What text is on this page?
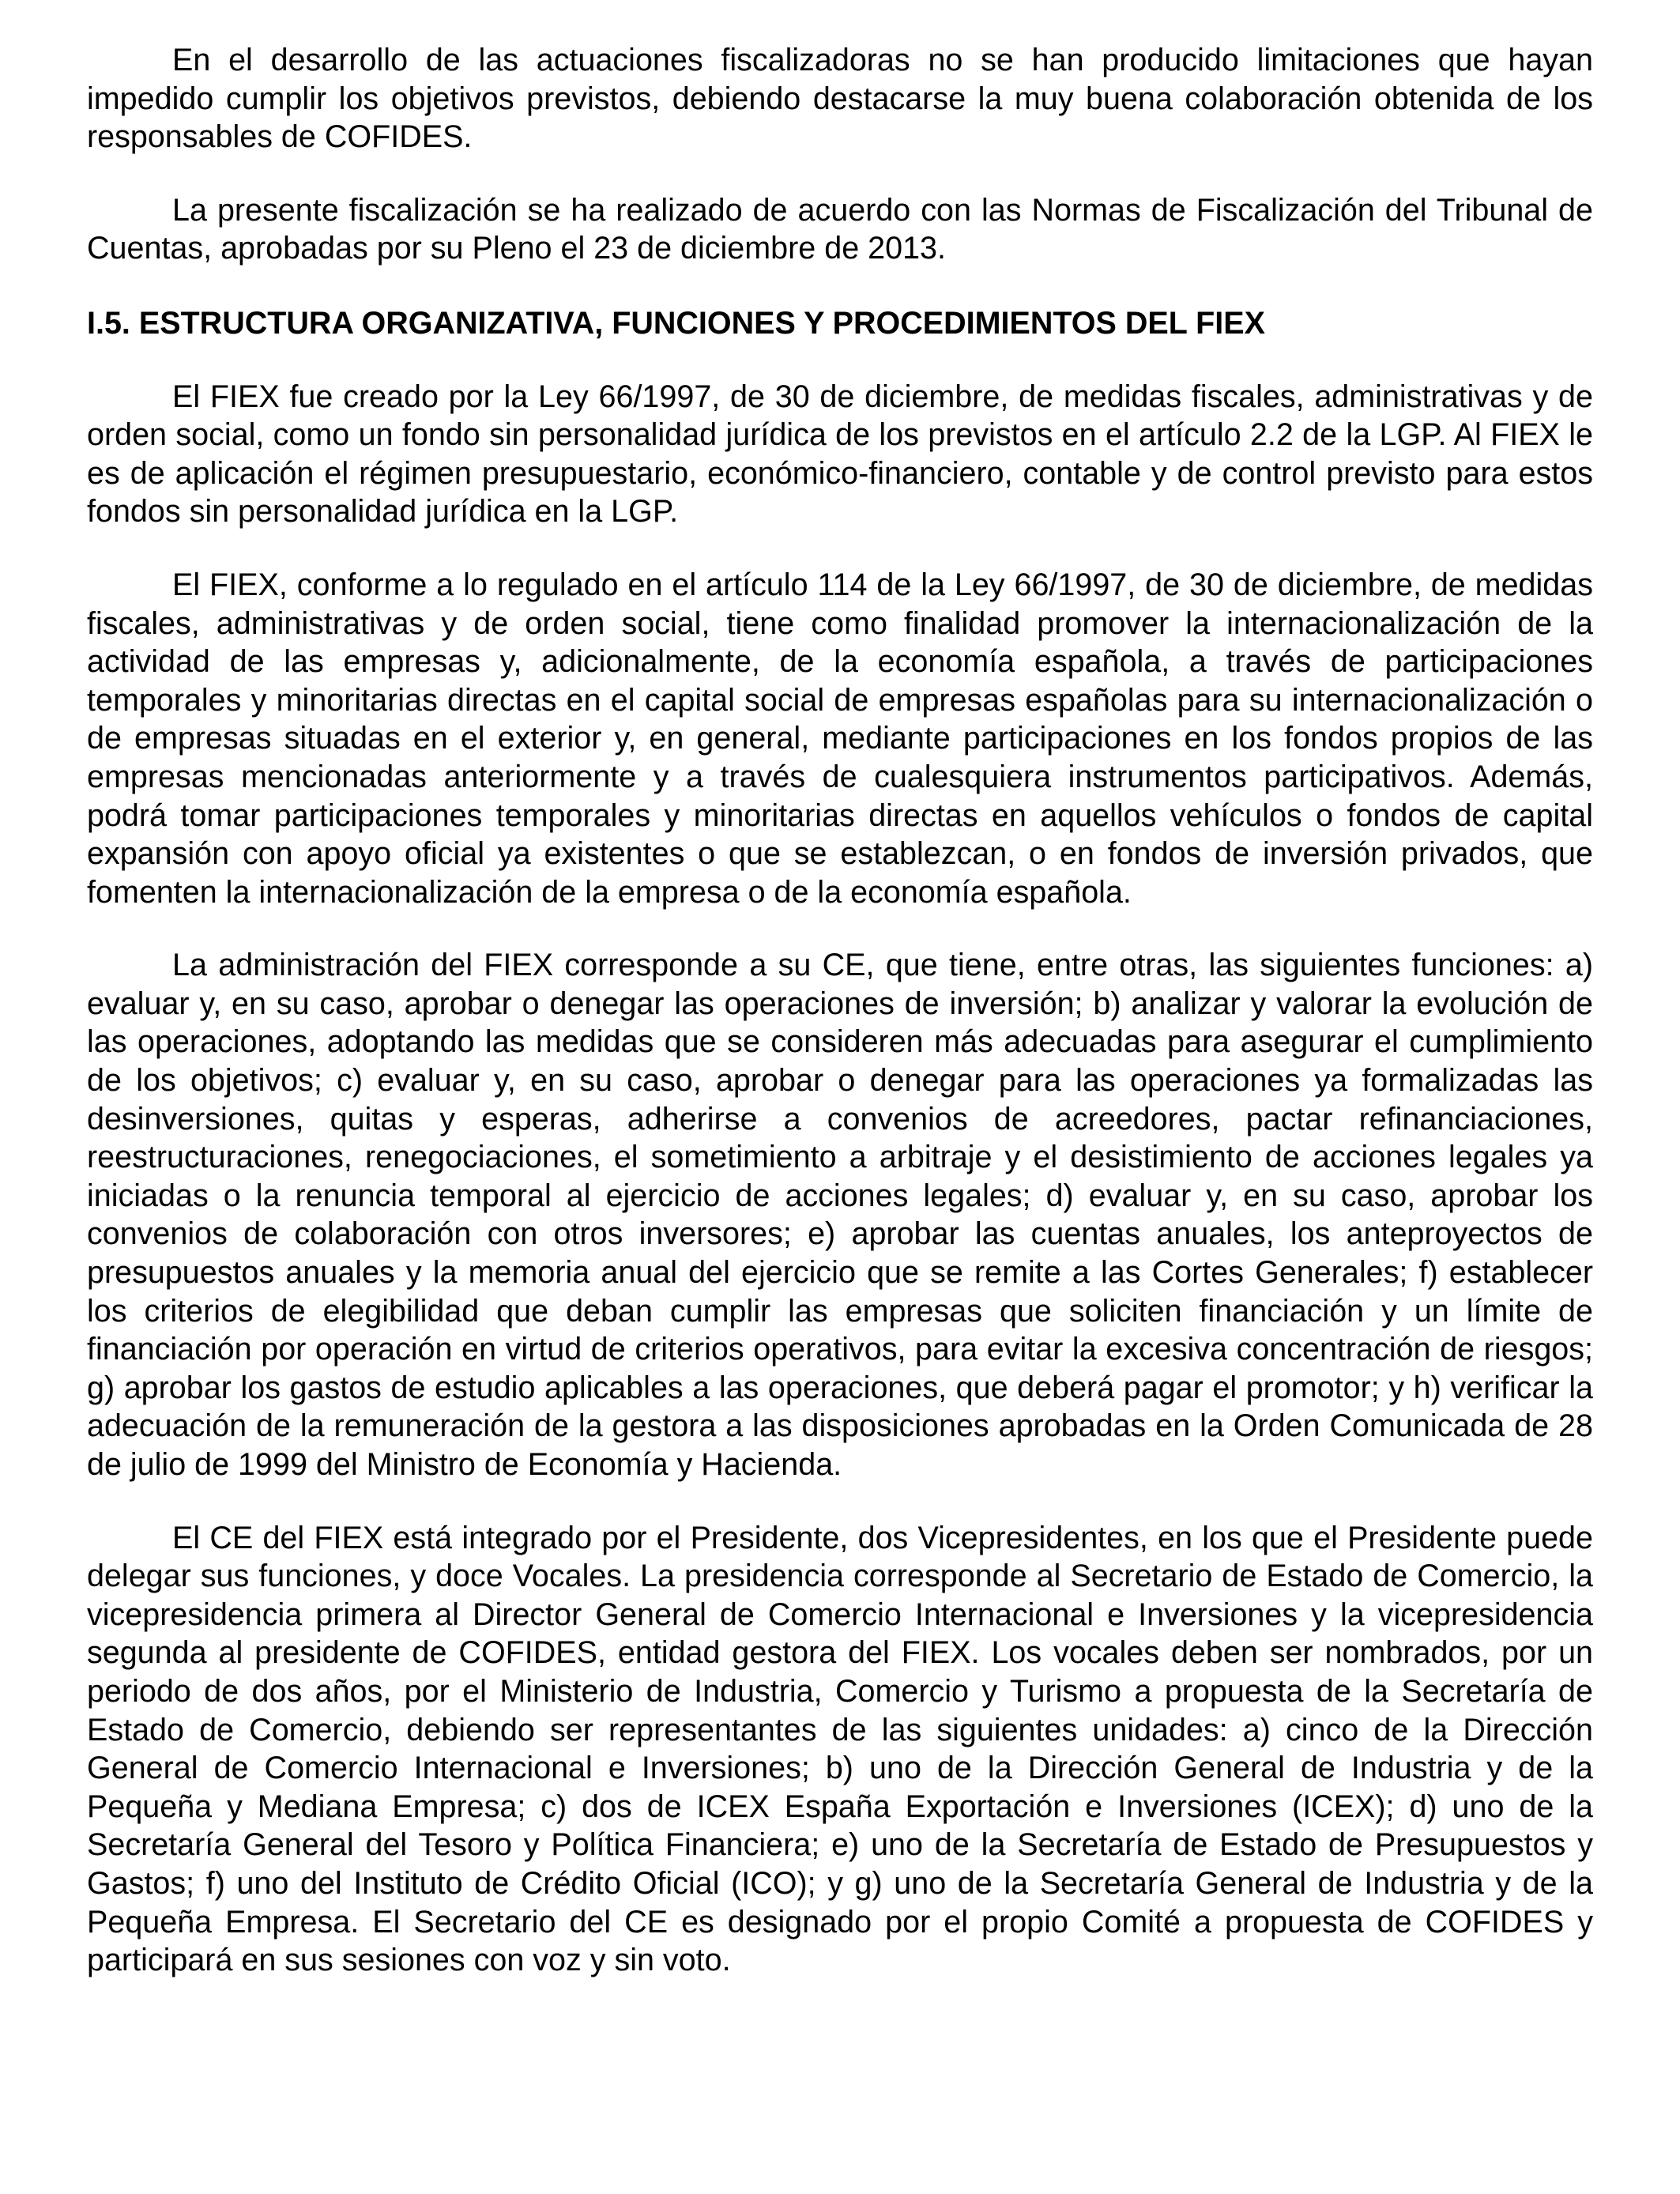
En el desarrollo de las actuaciones fiscalizadoras no se han producido limitaciones que hayan impedido cumplir los objetivos previstos, debiendo destacarse la muy buena colaboración obtenida de los responsables de COFIDES.

La presente fiscalización se ha realizado de acuerdo con las Normas de Fiscalización del Tribunal de Cuentas, aprobadas por su Pleno el 23 de diciembre de 2013.

I.5. ESTRUCTURA ORGANIZATIVA, FUNCIONES Y PROCEDIMIENTOS DEL FIEX

El FIEX fue creado por la Ley 66/1997, de 30 de diciembre, de medidas fiscales, administrativas y de orden social, como un fondo sin personalidad jurídica de los previstos en el artículo 2.2 de la LGP. Al FIEX le es de aplicación el régimen presupuestario, económico-financiero, contable y de control previsto para estos fondos sin personalidad jurídica en la LGP.

El FIEX, conforme a lo regulado en el artículo 114 de la Ley 66/1997, de 30 de diciembre, de medidas fiscales, administrativas y de orden social, tiene como finalidad promover la internacionalización de la actividad de las empresas y, adicionalmente, de la economía española, a través de participaciones temporales y minoritarias directas en el capital social de empresas españolas para su internacionalización o de empresas situadas en el exterior y, en general, mediante participaciones en los fondos propios de las empresas mencionadas anteriormente y a través de cualesquiera instrumentos participativos. Además, podrá tomar participaciones temporales y minoritarias directas en aquellos vehículos o fondos de capital expansión con apoyo oficial ya existentes o que se establezcan, o en fondos de inversión privados, que fomenten la internacionalización de la empresa o de la economía española.

La administración del FIEX corresponde a su CE, que tiene, entre otras, las siguientes funciones: a) evaluar y, en su caso, aprobar o denegar las operaciones de inversión; b) analizar y valorar la evolución de las operaciones, adoptando las medidas que se consideren más adecuadas para asegurar el cumplimiento de los objetivos; c) evaluar y, en su caso, aprobar o denegar para las operaciones ya formalizadas las desinversiones, quitas y esperas, adherirse a convenios de acreedores, pactar refinanciaciones, reestructuraciones, renegociaciones, el sometimiento a arbitraje y el desistimiento de acciones legales ya iniciadas o la renuncia temporal al ejercicio de acciones legales; d) evaluar y, en su caso, aprobar los convenios de colaboración con otros inversores; e) aprobar las cuentas anuales, los anteproyectos de presupuestos anuales y la memoria anual del ejercicio que se remite a las Cortes Generales; f) establecer los criterios de elegibilidad que deban cumplir las empresas que soliciten financiación y un límite de financiación por operación en virtud de criterios operativos, para evitar la excesiva concentración de riesgos; g) aprobar los gastos de estudio aplicables a las operaciones, que deberá pagar el promotor; y h) verificar la adecuación de la remuneración de la gestora a las disposiciones aprobadas en la Orden Comunicada de 28 de julio de 1999 del Ministro de Economía y Hacienda.

El CE del FIEX está integrado por el Presidente, dos Vicepresidentes, en los que el Presidente puede delegar sus funciones, y doce Vocales. La presidencia corresponde al Secretario de Estado de Comercio, la vicepresidencia primera al Director General de Comercio Internacional e Inversiones y la vicepresidencia segunda al presidente de COFIDES, entidad gestora del FIEX. Los vocales deben ser nombrados, por un periodo de dos años, por el Ministerio de Industria, Comercio y Turismo a propuesta de la Secretaría de Estado de Comercio, debiendo ser representantes de las siguientes unidades: a) cinco de la Dirección General de Comercio Internacional e Inversiones; b) uno de la Dirección General de Industria y de la Pequeña y Mediana Empresa; c) dos de ICEX España Exportación e Inversiones (ICEX); d) uno de la Secretaría General del Tesoro y Política Financiera; e) uno de la Secretaría de Estado de Presupuestos y Gastos; f) uno del Instituto de Crédito Oficial (ICO); y g) uno de la Secretaría General de Industria y de la Pequeña Empresa. El Secretario del CE es designado por el propio Comité a propuesta de COFIDES y participará en sus sesiones con voz y sin voto.
